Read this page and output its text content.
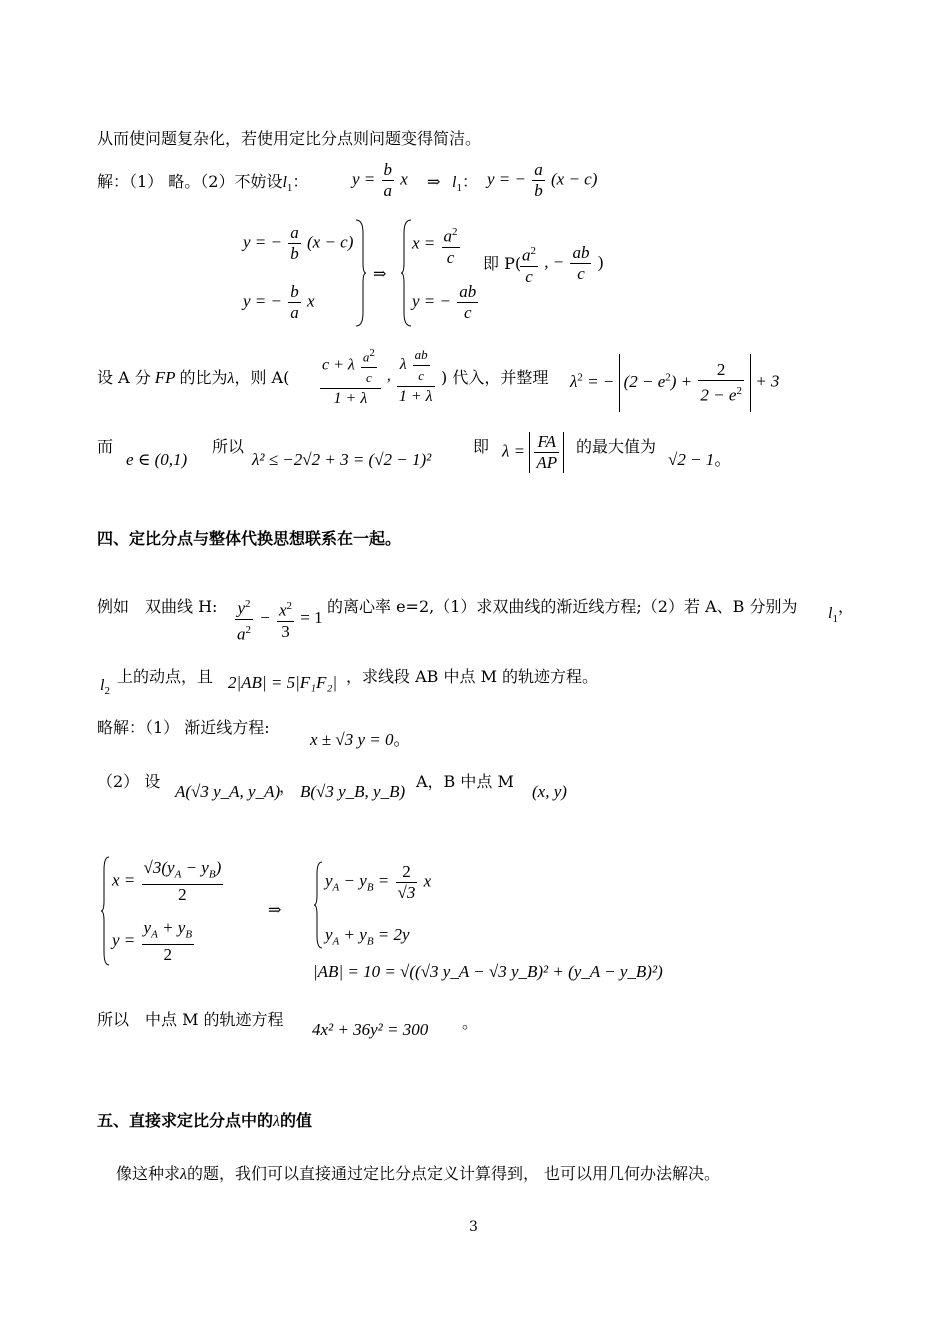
从而使问题复杂化，若使用定比分点则问题变得简洁。
解：（1） 略。（2）不妨设$l_1$：	$y = \frac{b}{a}$ x ⇒ $l_1$： y = − $\frac{a}{b} (x - c)$
y = − $\frac{a}{b} (x - c)$
y = − $\frac{b}{a}$ x
⇒
$x = \frac{a^2}{c}$
y = − $\frac{ab}{c}$
即 P(
$\frac{a^2}{c}$ , − $\frac{ab}{c}$ )
设 A 分 FP 的比为λ，则 $A( \frac{c + \lambda \frac{a^2}{c}}{1 + \lambda}$ , $\frac{\lambda \frac{ab}{c}}{1 + \lambda}$ ) 代入，并整理 $\lambda^2$ = − $(2 - e^2) + \frac{2}{2 - e^2} + 3$
而
e ∈ (0,1)
所以
λ² ≤ −2√2 + 3 = (√2 − 1)²
即 $\lambda = \frac{FA}{AP}$ 的最大值为
√2 − 1。
四、定比分点与整体代换思想联系在一起。
例如　双曲线 H: $\frac{y^2}{a^2} - \frac{x^2}{3} = 1$
的离心率 e=2,（1）求双曲线的渐近线方程;（2）若 A、B 分别为 $l_1$，
$l_2$
上的动点，且 2|AB| = 5|F₁F₂| ，求线段 AB 中点 M 的轨迹方程。
略解：（1） 渐近线方程:
x ± √3 y = 0。
（2） 设
A(√3 y_A, y_A)
， B(√3 y_B, y_B)
A，B 中点 M
(x, y)
$x = \frac{√3(y_A - y_B)}{2}$
$y = \frac{y_A + y_B}{2}$
⇒
$y_A - y_B = \frac{2}{√3}$ x
$y_A + y_B = 2y$
|AB| = 10 = √((√3 y_A − √3 y_B)² + (y_A − y_B)²)
所以　中点 M 的轨迹方程
4x² + 36y² = 300 。
五、直接求定比分点中的λ的值
像这种求λ的题，我们可以直接通过定比分点定义计算得到， 也可以用几何办法解决。
3
